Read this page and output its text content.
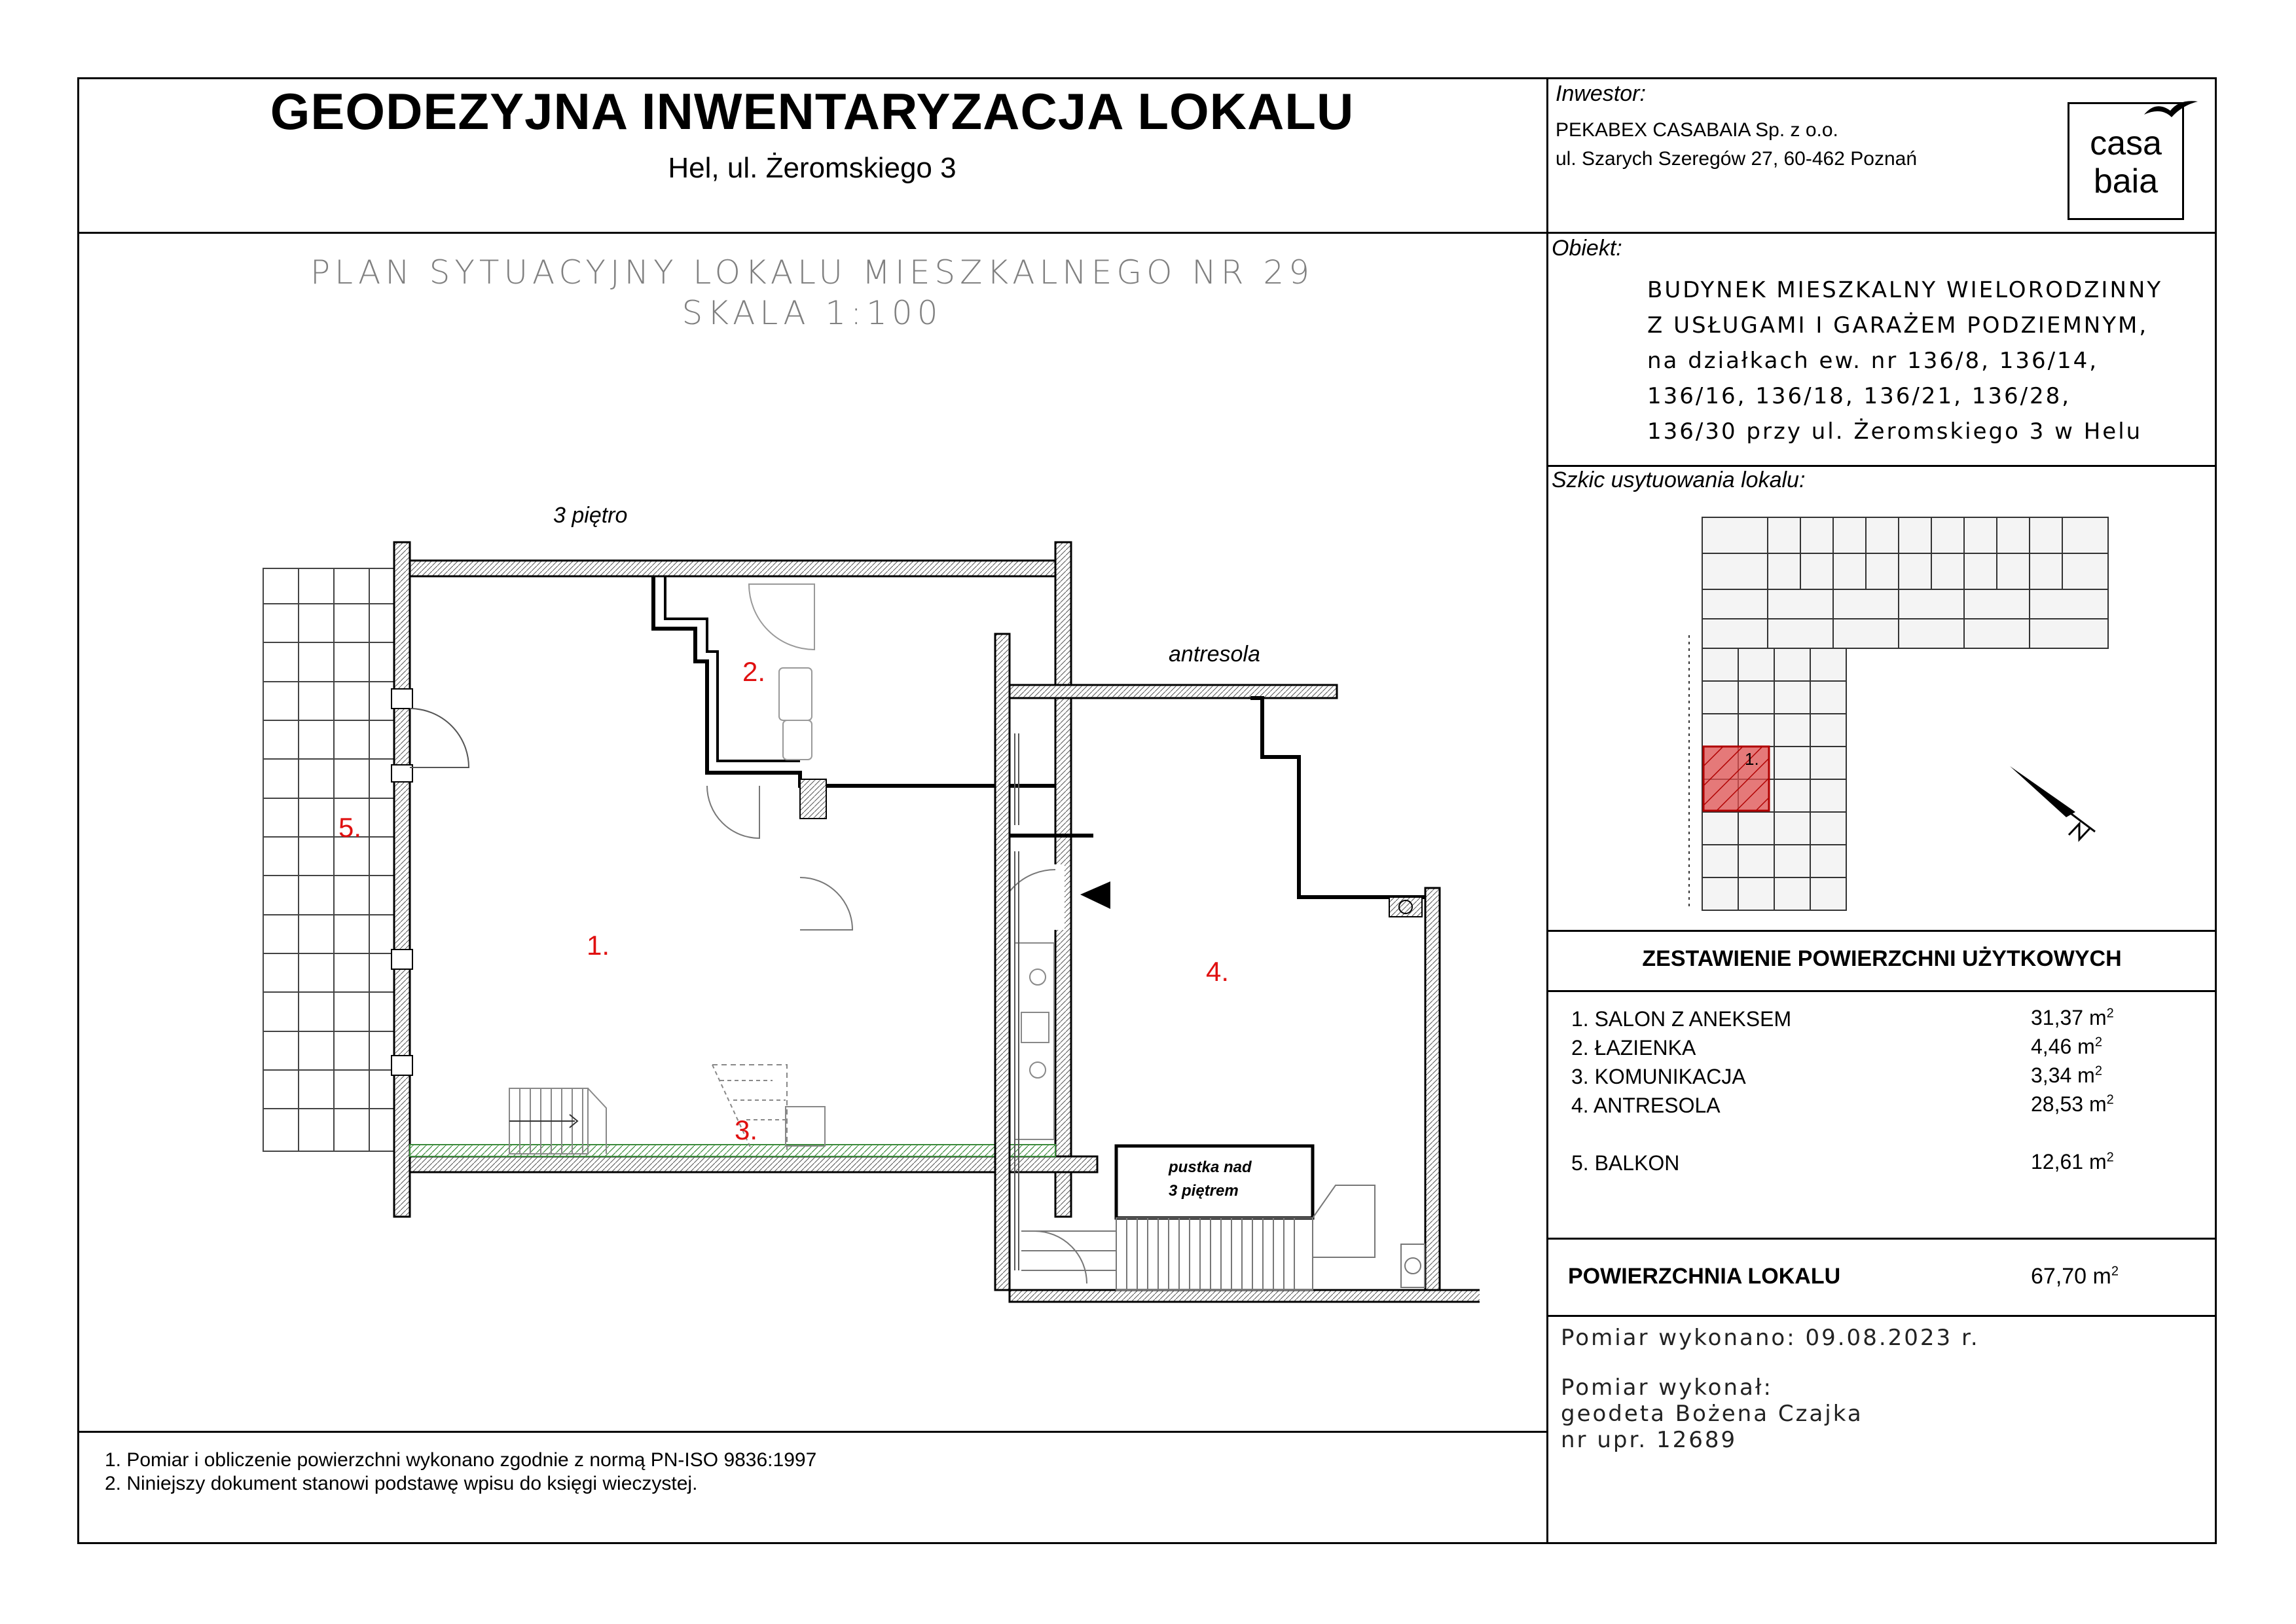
GEODEZYJNA INWENTARYZACJA LOKALU
Hel, ul. Żeromskiego 3
Inwestor:
PEKABEX CASABAIA Sp. z o.o.
ul. Szarych Szeregów 27, 60-462 Poznań	casa
baia
Obiekt:
BUDYNEK MIESZKALNY WIELORODZINNY
Z USŁUGAMI I GARAŻEM PODZIEMNYM,
na działkach ew. nr 136/8, 136/14,
136/16, 136/18, 136/21, 136/28,
136/30 przy ul. Żeromskiego 3 w Helu
Szkic usytuowania lokalu:
1.
ZESTAWIENIE POWIERZCHNI UŻYTKOWYCH
1. SALON Z ANEKSEM	31,37 $m^2$
2. ŁAZIENKA	4,46 $m^2$
3. KOMUNIKACJA	3,34 $m^2$
4. ANTRESOLA	28,53 $m^2$
5. BALKON	12,61 $m^2$
POWIERZCHNIA LOKALU	67,70 $m^2$
Pomiar wykonano: 09.08.2023 r.
Pomiar wykonał:
geodeta Bożena Czajka
nr upr. 12689
1. Pomiar i obliczenie powierzchni wykonano zgodnie z normą PN-ISO 9836:1997
2. Niniejszy dokument stanowi podstawę wpisu do księgi wieczystej.
PLAN SYTUACYJNY LOKALU MIESZKALNEGO NR 29
SKALA 1:100
3 piętro
antresola
pustka nad
3 piętrem
5.
1.
2.
3.
4.
